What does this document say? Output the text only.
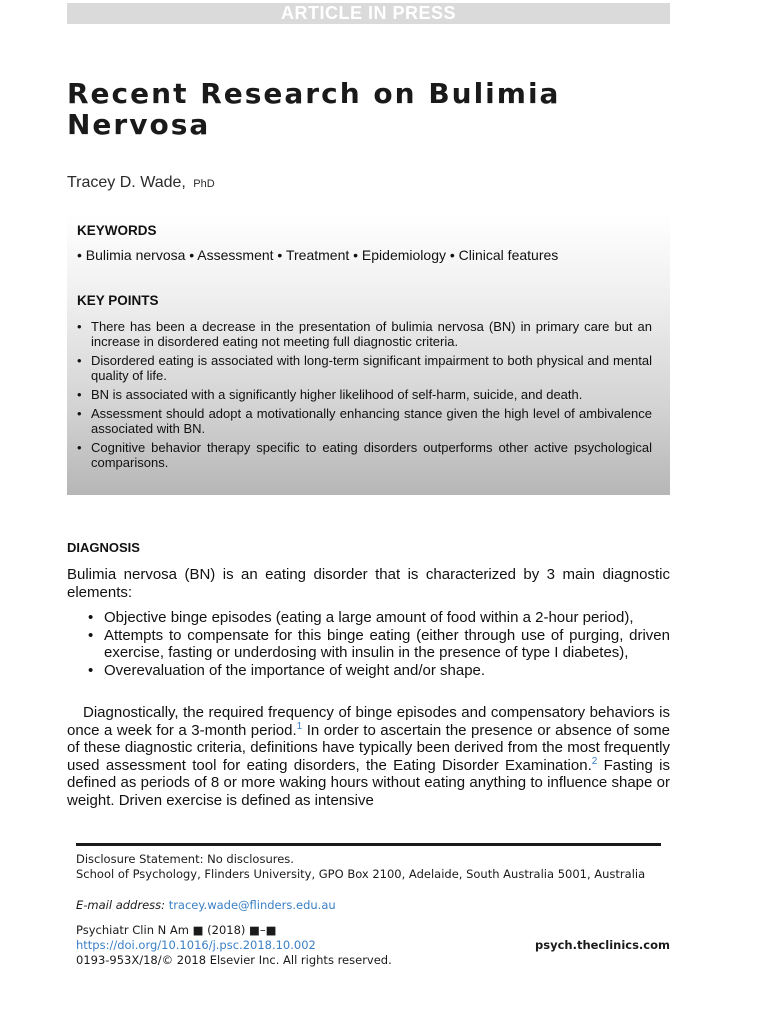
ARTICLE IN PRESS
Recent Research on Bulimia Nervosa

Tracey D. Wade, PhD

KEYWORDS

• Bulimia nervosa • Assessment • Treatment • Epidemiology • Clinical features

KEY POINTS

• There has been a decrease in the presentation of bulimia nervosa (BN) in primary care but an increase in disordered eating not meeting full diagnostic criteria.
• Disordered eating is associated with long-term significant impairment to both physical and mental quality of life.
• BN is associated with a significantly higher likelihood of self-harm, suicide, and death.
• Assessment should adopt a motivationally enhancing stance given the high level of ambivalence associated with BN.
• Cognitive behavior therapy specific to eating disorders outperforms other active psychological comparisons.
DIAGNOSIS

Bulimia nervosa (BN) is an eating disorder that is characterized by 3 main diagnostic elements:

• Objective binge episodes (eating a large amount of food within a 2-hour period),
• Attempts to compensate for this binge eating (either through use of purging, driven exercise, fasting or underdosing with insulin in the presence of type I diabetes),
• Overevaluation of the importance of weight and/or shape.

Diagnostically, the required frequency of binge episodes and compensatory behaviors is once a week for a 3-month period.$^1$ In order to ascertain the presence or absence of some of these diagnostic criteria, definitions have typically been derived from the most frequently used assessment tool for eating disorders, the Eating Disorder Examination.$^2$ Fasting is defined as periods of 8 or more waking hours without eating anything to influence shape or weight. Driven exercise is defined as intensive

Disclosure Statement: No disclosures.

School of Psychology, Flinders University, GPO Box 2100, Adelaide, South Australia 5001, Australia

E-mail address: tracey.wade@flinders.edu.au

Psychiatr Clin N Am ■ (2018) ■–■

https://doi.org/10.1016/j.psc.2018.10.002

0193-953X/18/© 2018 Elsevier Inc. All rights reserved.

psych.theclinics.com
